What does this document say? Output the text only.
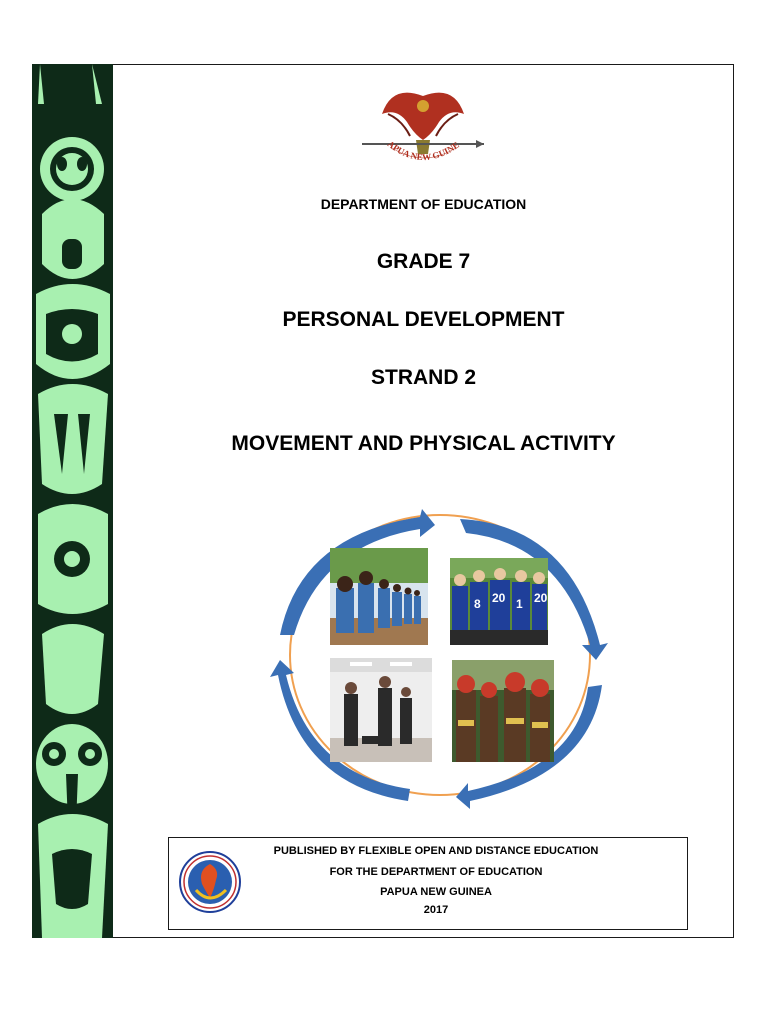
APUA NEW GUINE
DEPARTMENT OF EDUCATION
GRADE 7
PERSONAL DEVELOPMENT
STRAND 2
MOVEMENT AND PHYSICAL ACTIVITY
8 20 1 20
PUBLISHED BY FLEXIBLE OPEN AND DISTANCE EDUCATION
FOR THE DEPARTMENT OF EDUCATION
PAPUA NEW GUINEA
2017
